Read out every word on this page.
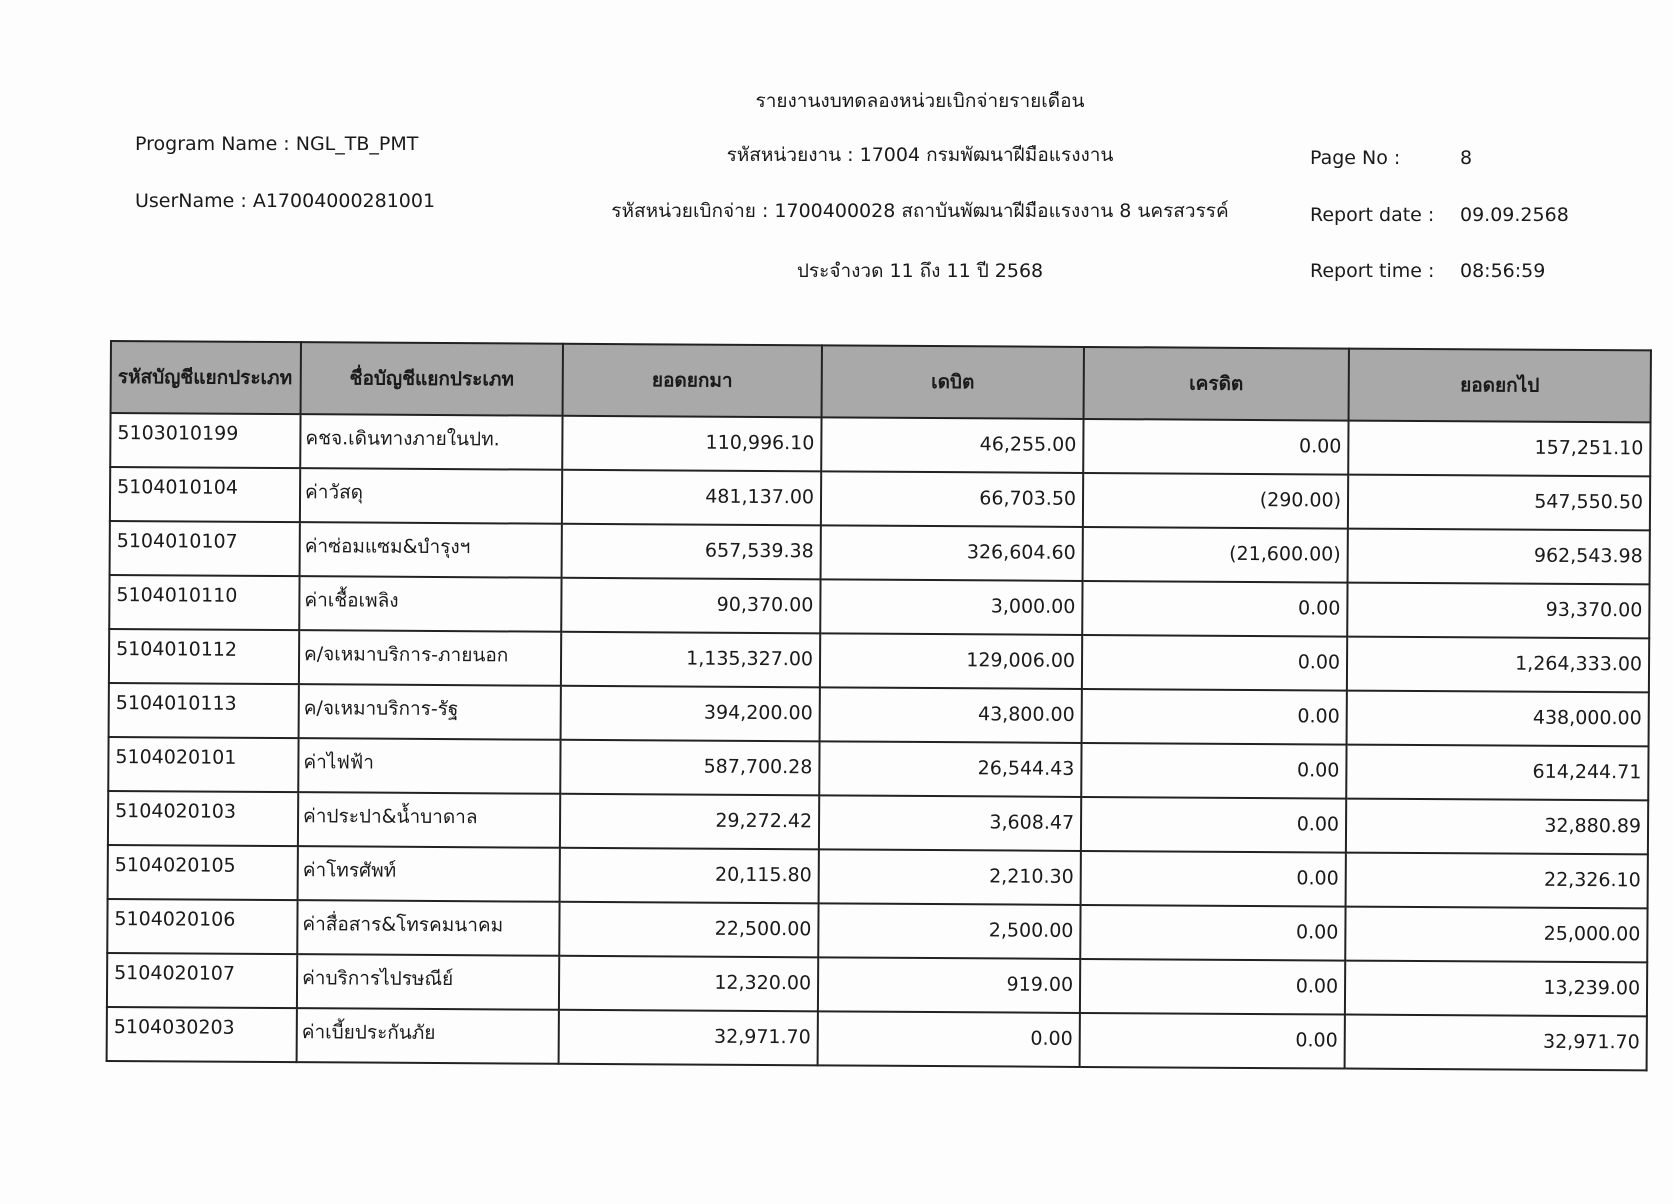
รายงานงบทดลองหน่วยเบิกจ่ายรายเดือน
รหัสหน่วยงาน : 17004 กรมพัฒนาฝีมือแรงงาน
รหัสหน่วยเบิกจ่าย : 1700400028 สถาบันพัฒนาฝีมือแรงงาน 8 นครสวรรค์
ประจำงวด 11 ถึง 11 ปี 2568
Program Name : NGL_TB_PMT
UserName : A17004000281001
Page No :	8
Report date : 09.09.2568
Report time : 08:56:59
รหัสบัญชีแยกประเภท	ชื่อบัญชีแยกประเภท	ยอดยกมา	เดบิต	เครดิต	ยอดยกไป
5103010199	คชจ.เดินทางภายในปท.	110,996.10	46,255.00	0.00	157,251.10
5104010104	ค่าวัสดุ	481,137.00	66,703.50	(290.00)	547,550.50
5104010107	ค่าซ่อมแซม&บำรุงฯ	657,539.38	326,604.60	(21,600.00)	962,543.98
5104010110	ค่าเชื้อเพลิง	90,370.00	3,000.00	0.00	93,370.00
5104010112	ค/จเหมาบริการ-ภายนอก	1,135,327.00	129,006.00	0.00	1,264,333.00
5104010113	ค/จเหมาบริการ-รัฐ	394,200.00	43,800.00	0.00	438,000.00
5104020101	ค่าไฟฟ้า	587,700.28	26,544.43	0.00	614,244.71
5104020103	ค่าประปา&น้ำบาดาล	29,272.42	3,608.47	0.00	32,880.89
5104020105	ค่าโทรศัพท์	20,115.80	2,210.30	0.00	22,326.10
5104020106	ค่าสื่อสาร&โทรคมนาคม	22,500.00	2,500.00	0.00	25,000.00
5104020107	ค่าบริการไปรษณีย์	12,320.00	919.00	0.00	13,239.00
5104030203	ค่าเบี้ยประกันภัย	32,971.70	0.00	0.00	32,971.70
